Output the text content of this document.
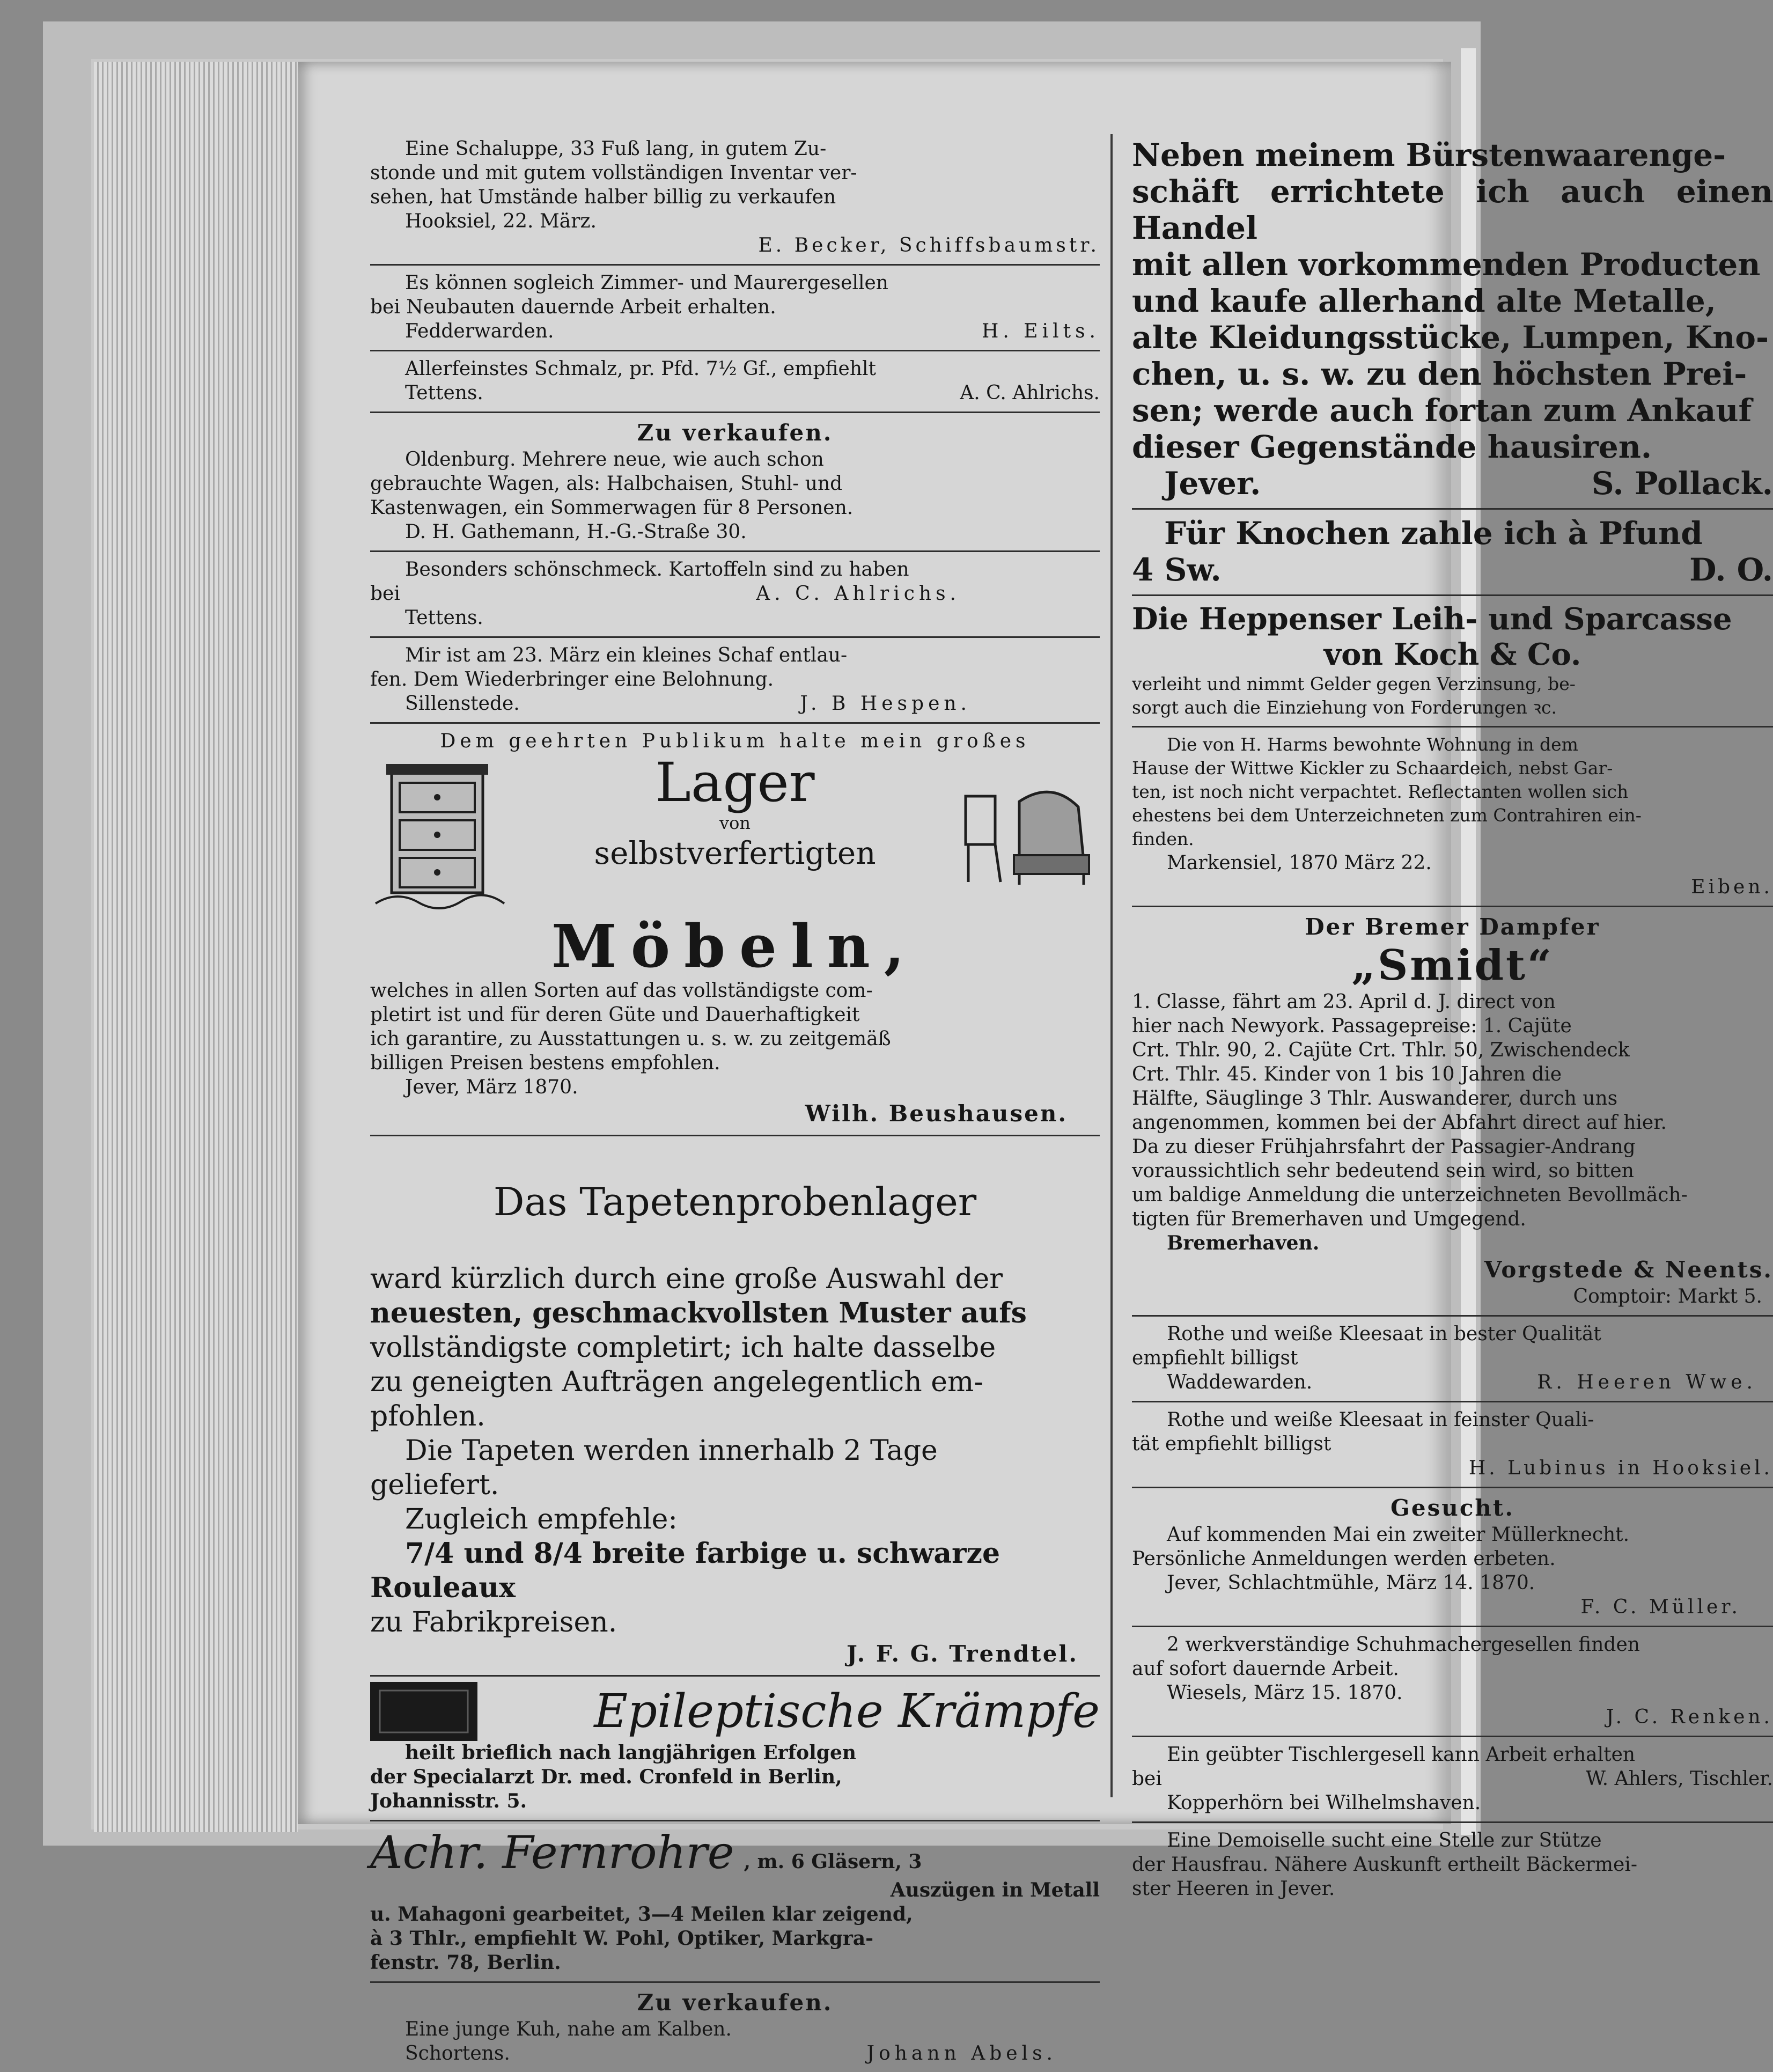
Eine Schaluppe, 33 Fuß lang, in gutem Zu-

stonde und mit gutem vollständigen Inventar ver-

sehen, hat Umstände halber billig zu verkaufen

Hooksiel, 22. März.

E. Becker, Schiffsbaumstr.

Es können sogleich Zimmer- und Maurergesellen

bei Neubauten dauernde Arbeit erhalten.

Fedderwarden.	H. Eilts.

Allerfeinstes Schmalz, pr. Pfd. 7½ Gf., empfiehlt

Tettens.	A. C. Ahlrichs.

Zu verkaufen.

Oldenburg. Mehrere neue, wie auch schon

gebrauchte Wagen, als: Halbchaisen, Stuhl- und

Kastenwagen, ein Sommerwagen für 8 Personen.

D. H. Gathemann, H.-G.-Straße 30.

Besonders schönschmeck. Kartoffeln sind zu haben

bei	A. C. Ahlrichs.

Tettens.

Mir ist am 23. März ein kleines Schaf entlau-

fen. Dem Wiederbringer eine Belohnung.

Sillenstede.	J. B Hespen.

Dem geehrten Publikum halte mein großes

Lager
von
selbstverfertigten

Möbeln,

welches in allen Sorten auf das vollständigste com-

pletirt ist und für deren Güte und Dauerhaftigkeit

ich garantire, zu Ausstattungen u. s. w. zu zeitgemäß

billigen Preisen bestens empfohlen.

Jever, März 1870.

Wilh. Beushausen.

Das Tapetenprobenlager

ward kürzlich durch eine große Auswahl der

neuesten, geschmackvollsten Muster aufs

vollständigste completirt; ich halte dasselbe

zu geneigten Aufträgen angelegentlich em-

pfohlen.

Die Tapeten werden innerhalb 2 Tage

geliefert.

Zugleich empfehle:

7/4 und 8/4 breite farbige u. schwarze

Rouleaux

zu Fabrikpreisen.

J. F. G. Trendtel.

Epileptische Krämpfe

heilt brieflich nach langjährigen Erfolgen

der Specialarzt Dr. med. Cronfeld in Berlin,

Johannisstr. 5.

Achr. Fernrohre , m. 6 Gläsern, 3

Auszügen in Metall

u. Mahagoni gearbeitet, 3—4 Meilen klar zeigend,

à 3 Thlr., empfiehlt W. Pohl, Optiker, Markgra-

fenstr. 78, Berlin.

Zu verkaufen.

Eine junge Kuh, nahe am Kalben.

Schortens.	Johann Abels.

Neben meinem Bürstenwaarenge-

schäft errichtete ich auch einen Handel

mit allen vorkommenden Producten

und kaufe allerhand alte Metalle,

alte Kleidungsstücke, Lumpen, Kno-

chen, u. s. w. zu den höchsten Prei-

sen; werde auch fortan zum Ankauf

dieser Gegenstände hausiren.

Jever.	S. Pollack.

Für Knochen zahle ich à Pfund

4 Sw.	D. O.

Die Heppenser Leih- und Sparcasse

von Koch & Co.

verleiht und nimmt Gelder gegen Verzinsung, be-

sorgt auch die Einziehung von Forderungen ꝛc.

Die von H. Harms bewohnte Wohnung in dem

Hause der Wittwe Kickler zu Schaardeich, nebst Gar-

ten, ist noch nicht verpachtet. Reflectanten wollen sich

ehestens bei dem Unterzeichneten zum Contrahiren ein-

finden.

Markensiel, 1870 März 22.

Eiben.

Der Bremer Dampfer

„Smidt“

1. Classe, fährt am 23. April d. J. direct von

hier nach Newyork. Passagepreise: 1. Cajüte

Crt. Thlr. 90, 2. Cajüte Crt. Thlr. 50, Zwischendeck

Crt. Thlr. 45. Kinder von 1 bis 10 Jahren die

Hälfte, Säuglinge 3 Thlr. Auswanderer, durch uns

angenommen, kommen bei der Abfahrt direct auf hier.

Da zu dieser Frühjahrsfahrt der Passagier-Andrang

voraussichtlich sehr bedeutend sein wird, so bitten

um baldige Anmeldung die unterzeichneten Bevollmäch-

tigten für Bremerhaven und Umgegend.

Bremerhaven.

Vorgstede & Neents.

Comptoir: Markt 5.

Rothe und weiße Kleesaat in bester Qualität

empfiehlt billigst

Waddewarden.	R. Heeren Wwe.

Rothe und weiße Kleesaat in feinster Quali-

tät empfiehlt billigst

H. Lubinus in Hooksiel.

Gesucht.

Auf kommenden Mai ein zweiter Müllerknecht.

Persönliche Anmeldungen werden erbeten.

Jever, Schlachtmühle, März 14. 1870.

F. C. Müller.

2 werkverständige Schuhmachergesellen finden

auf sofort dauernde Arbeit.

Wiesels, März 15. 1870.

J. C. Renken.

Ein geübter Tischlergesell kann Arbeit erhalten

bei	W. Ahlers, Tischler.

Kopperhörn bei Wilhelmshaven.

Eine Demoiselle sucht eine Stelle zur Stütze

der Hausfrau. Nähere Auskunft ertheilt Bäckermei-

ster Heeren in Jever.
